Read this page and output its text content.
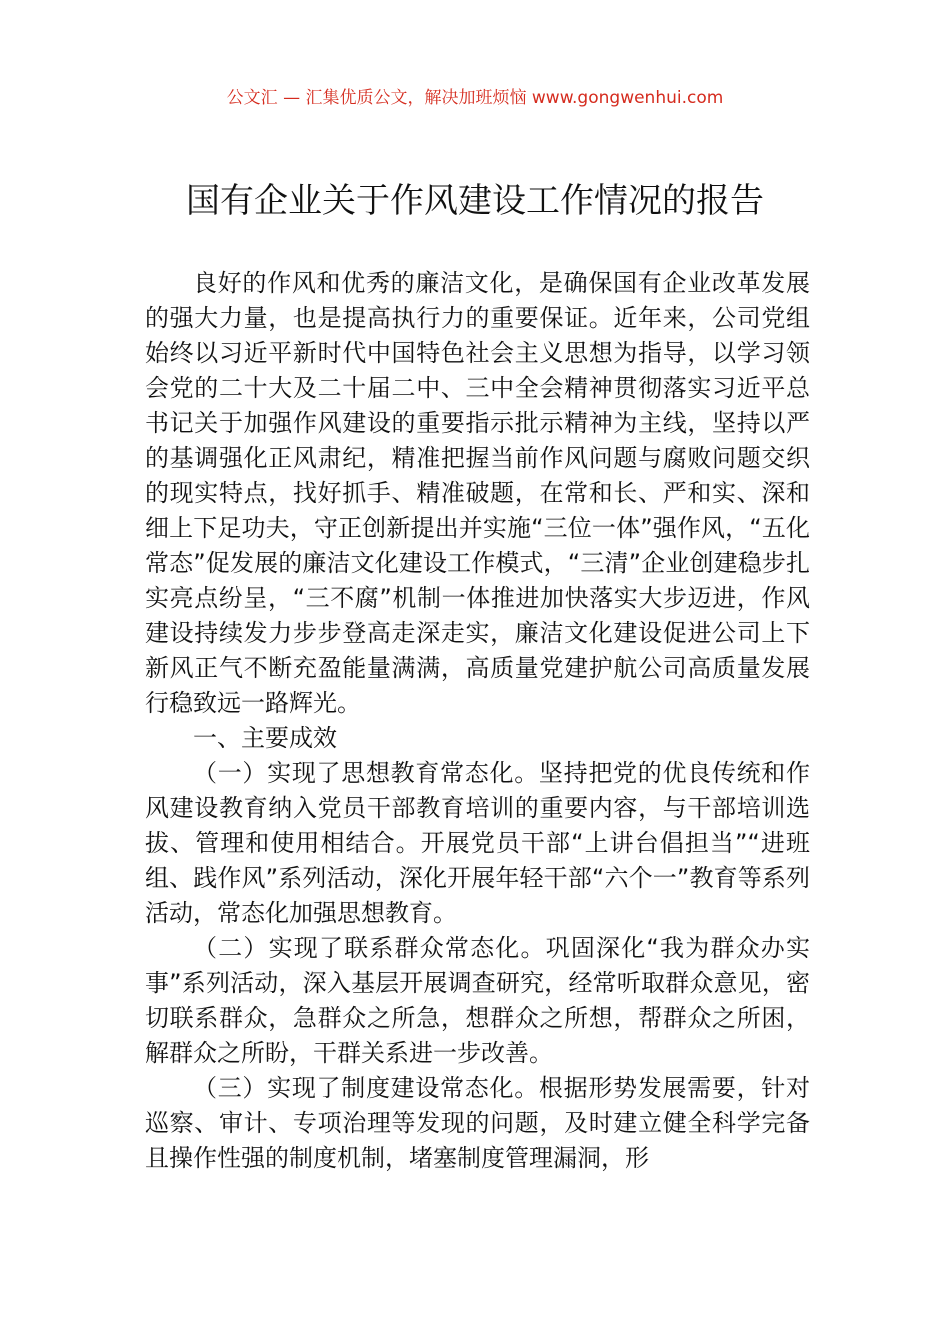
公文汇 — 汇集优质公文，解决加班烦恼 www.gongwenhui.com
国有企业关于作风建设工作情况的报告

良好的作风和优秀的廉洁文化，是确保国有企业改革发展的强大力量，也是提高执行力的重要保证。近年来，公司党组始终以习近平新时代中国特色社会主义思想为指导，以学习领会党的二十大及二十届二中、三中全会精神贯彻落实习近平总书记关于加强作风建设的重要指示批示精神为主线，坚持以严的基调强化正风肃纪，精准把握当前作风问题与腐败问题交织的现实特点，找好抓手、精准破题，在常和长、严和实、深和细上下足功夫，守正创新提出并实施“三位一体”强作风，“五化常态”促发展的廉洁文化建设工作模式，“三清”企业创建稳步扎实亮点纷呈，“三不腐”机制一体推进加快落实大步迈进，作风建设持续发力步步登高走深走实，廉洁文化建设促进公司上下新风正气不断充盈能量满满，高质量党建护航公司高质量发展行稳致远一路辉光。

一、主要成效

（一）实现了思想教育常态化。坚持把党的优良传统和作风建设教育纳入党员干部教育培训的重要内容，与干部培训选拔、管理和使用相结合。开展党员干部“上讲台倡担当”“进班组、践作风”系列活动，深化开展年轻干部“六个一”教育等系列活动，常态化加强思想教育。

（二）实现了联系群众常态化。巩固深化“我为群众办实事”系列活动，深入基层开展调查研究，经常听取群众意见，密切联系群众，急群众之所急，想群众之所想，帮群众之所困，解群众之所盼，干群关系进一步改善。

（三）实现了制度建设常态化。根据形势发展需要，针对巡察、审计、专项治理等发现的问题，及时建立健全科学完备且操作性强的制度机制，堵塞制度管理漏洞，形
